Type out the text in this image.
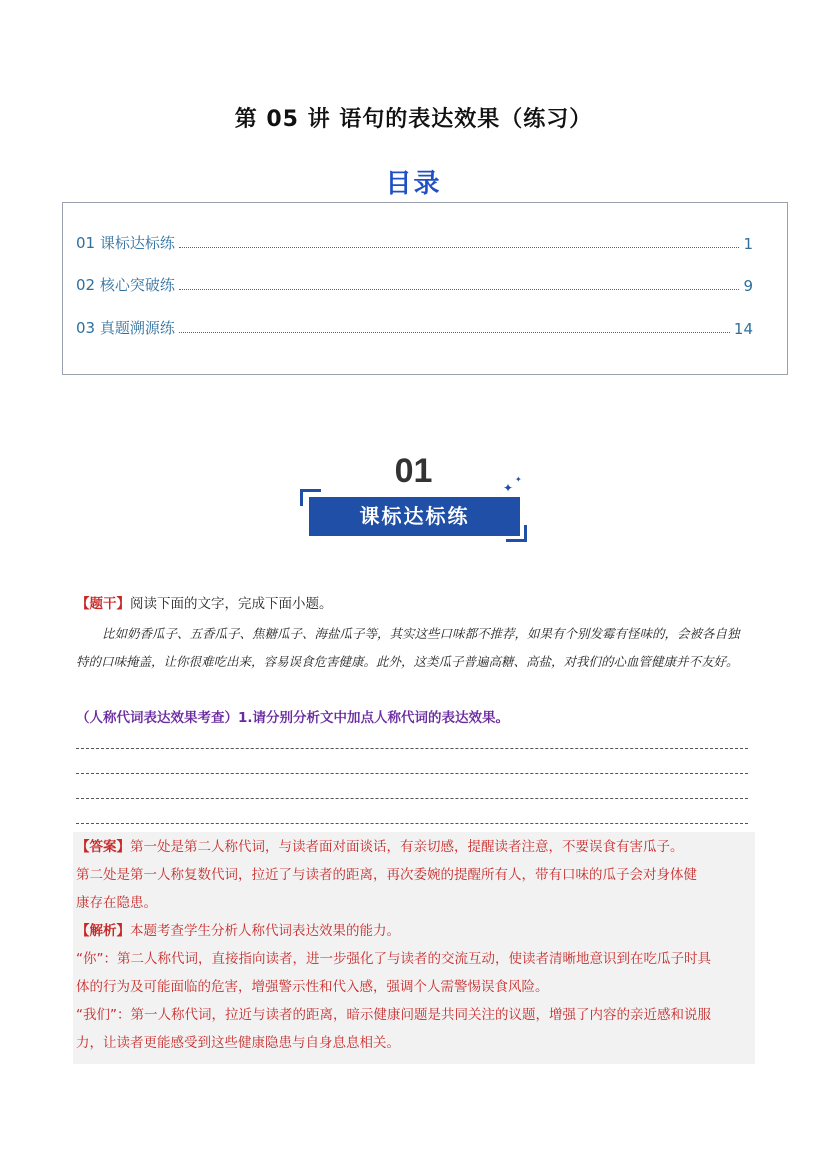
第 05 讲 语句的表达效果（练习）
目录
01 课标达标练	1
02 核心突破练	9
03 真题溯源练	14
01
课标达标练
✦
✦
【题干】阅读下面的文字，完成下面小题。
比如奶香瓜子、五香瓜子、焦糖瓜子、海盐瓜子等，其实这些口味都不推荐，如果有个别发霉有怪味的，会被各自独特的口味掩盖，让你很难吃出来，容易误食危害健康。此外，这类瓜子普遍高糖、高盐，对我们的心血管健康并不友好。
（人称代词表达效果考查）1.请分别分析文中加点人称代词的表达效果。
【答案】第一处是第二人称代词，与读者面对面谈话，有亲切感，提醒读者注意，不要误食有害瓜子。
第二处是第一人称复数代词，拉近了与读者的距离，再次委婉的提醒所有人，带有口味的瓜子会对身体健
康存在隐患。
【解析】本题考查学生分析人称代词表达效果的能力。
“你”：第二人称代词，直接指向读者，进一步强化了与读者的交流互动，使读者清晰地意识到在吃瓜子时具
体的行为及可能面临的危害，增强警示性和代入感，强调个人需警惕误食风险。
“我们”：第一人称代词，拉近与读者的距离，暗示健康问题是共同关注的议题，增强了内容的亲近感和说服
力，让读者更能感受到这些健康隐患与自身息息相关。
